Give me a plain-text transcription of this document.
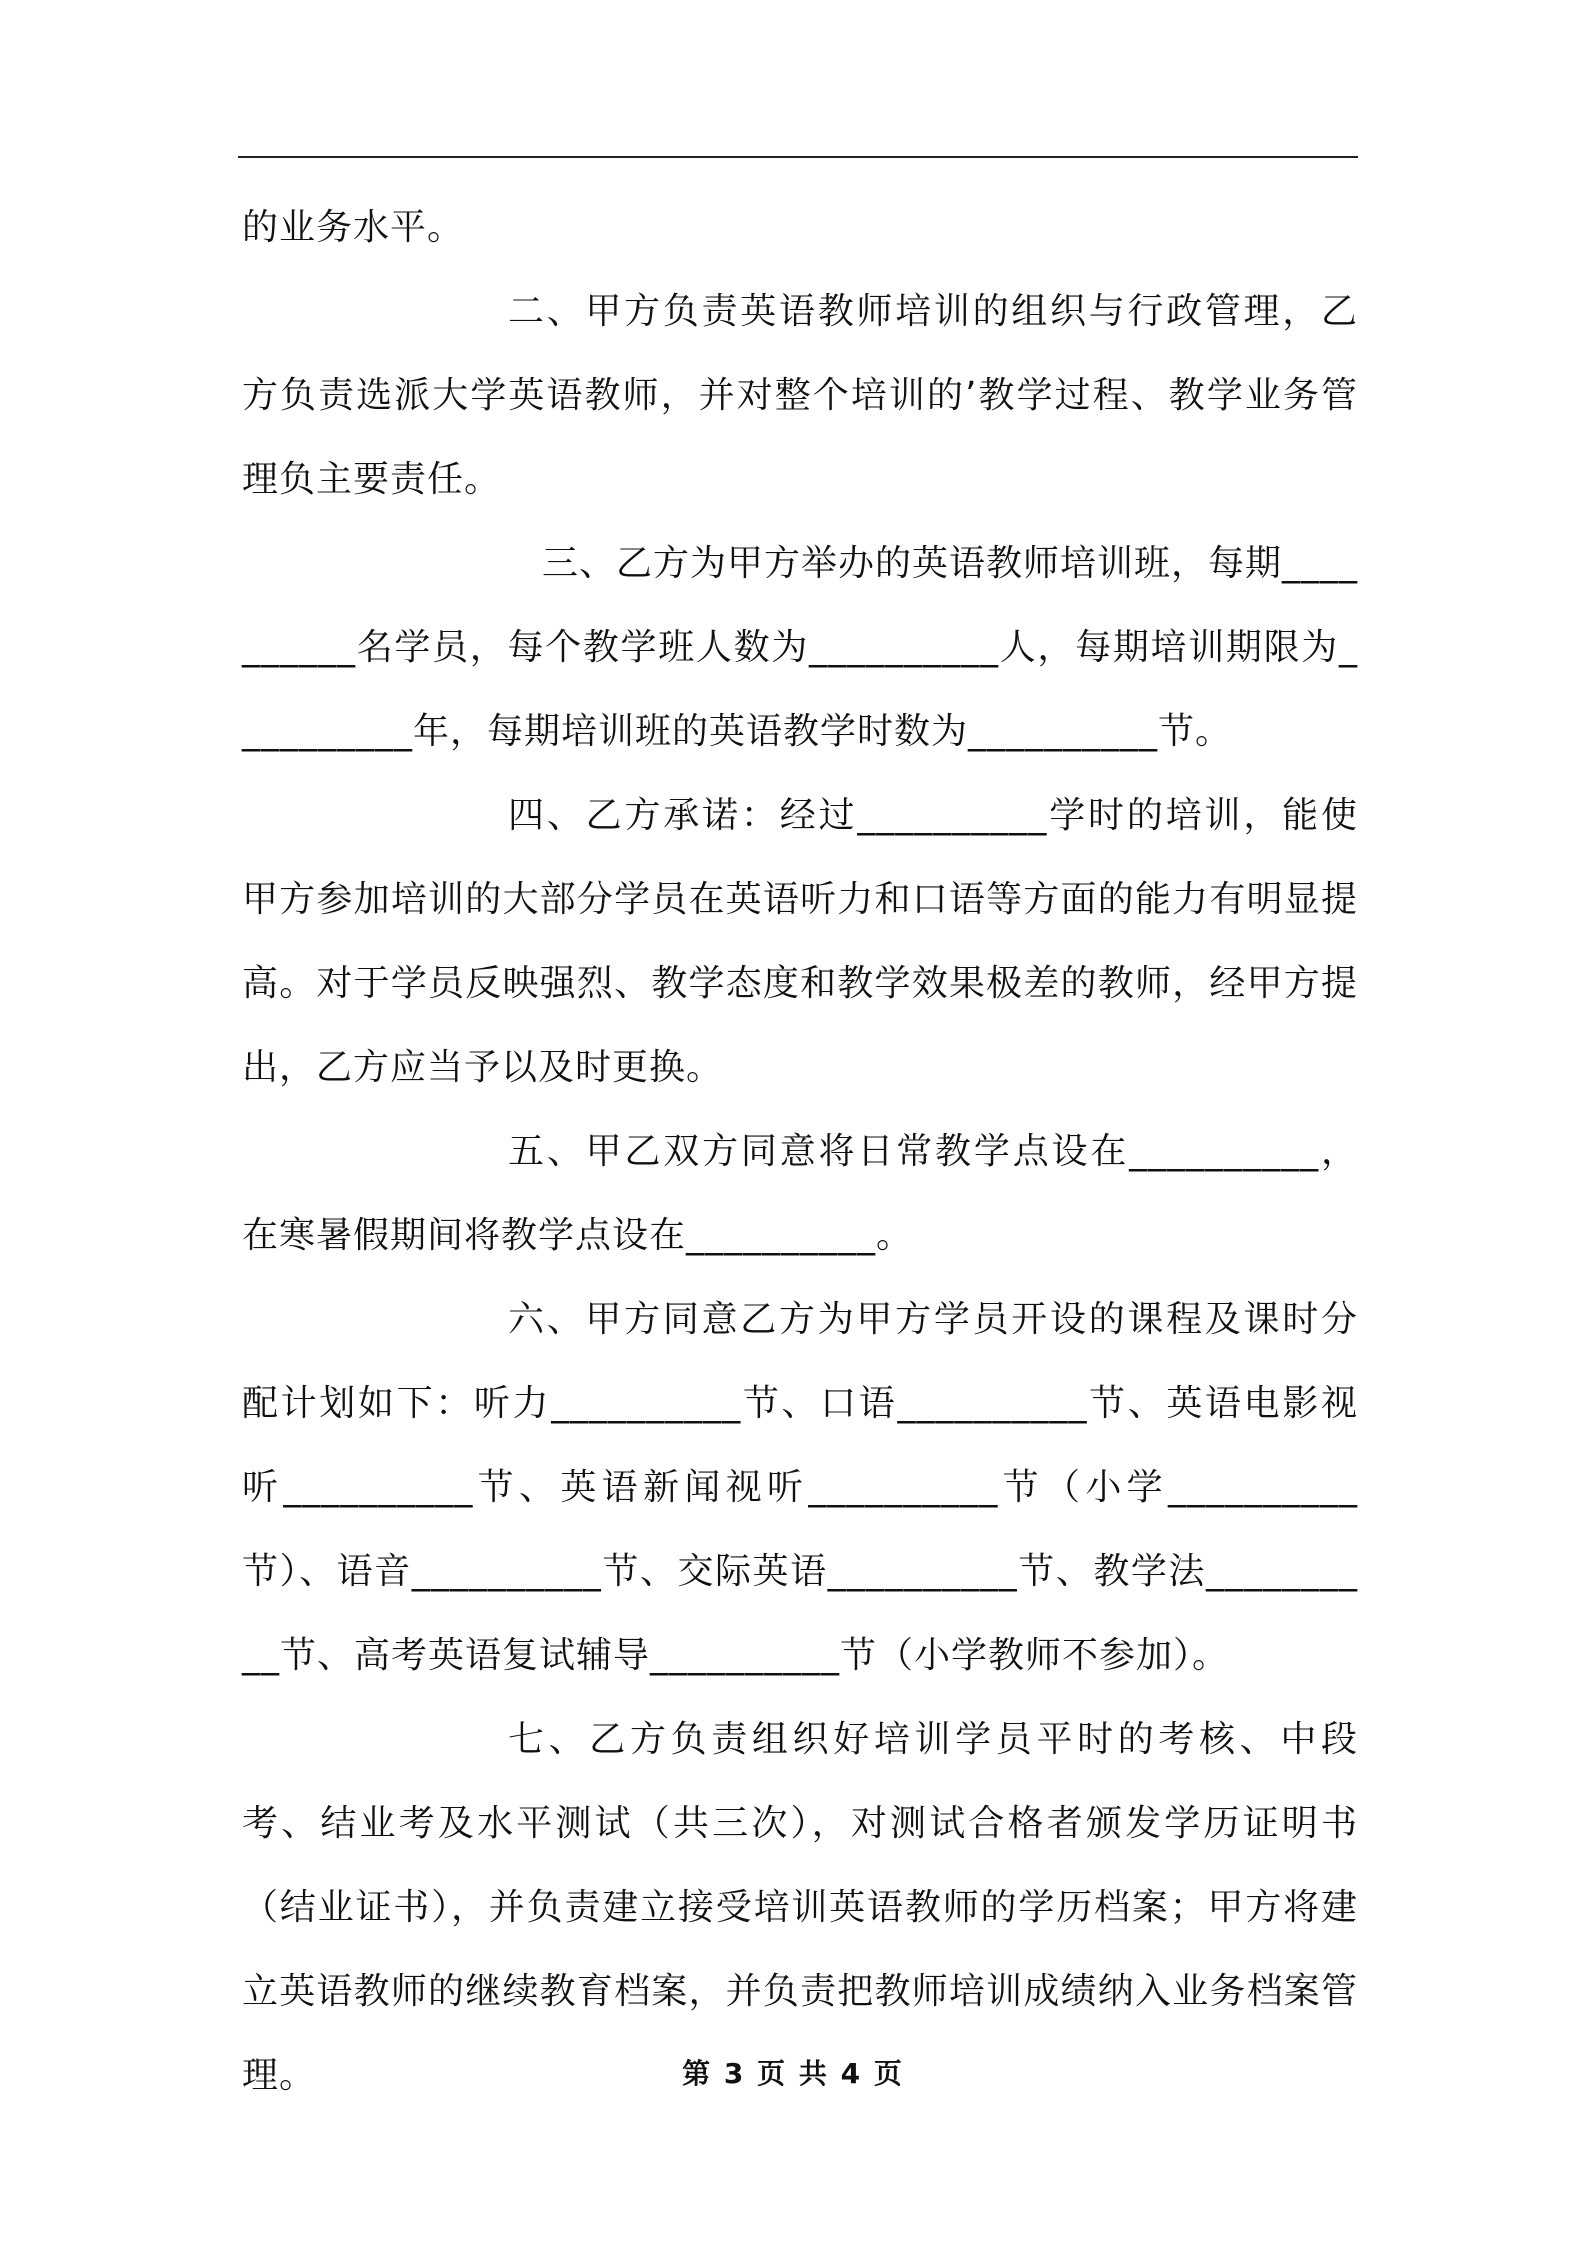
的业务水平。

二、甲方负责英语教师培训的组织与行政管理，乙方负责选派大学英语教师，并对整个培训的’教学过程、教学业务管理负主要责任。

三、乙方为甲方举办的英语教师培训班，每期__________名学员，每个教学班人数为__________人，每期培训期限为__________年，每期培训班的英语教学时数为__________节。

四、乙方承诺：经过__________学时的培训，能使甲方参加培训的大部分学员在英语听力和口语等方面的能力有明显提高。对于学员反映强烈、教学态度和教学效果极差的教师，经甲方提出，乙方应当予以及时更换。

五、甲乙双方同意将日常教学点设在__________，在寒暑假期间将教学点设在__________。

六、甲方同意乙方为甲方学员开设的课程及课时分配计划如下：听力__________节、口语__________节、英语电影视听__________节、英语新闻视听__________节（小学__________节）、语音__________节、交际英语__________节、教学法__________节、高考英语复试辅导__________节（小学教师不参加）。

七、乙方负责组织好培训学员平时的考核、中段考、结业考及水平测试（共三次），对测试合格者颁发学历证明书（结业证书），并负责建立接受培训英语教师的学历档案；甲方将建立英语教师的继续教育档案，并负责把教师培训成绩纳入业务档案管理。	第 3 页 共 4 页
